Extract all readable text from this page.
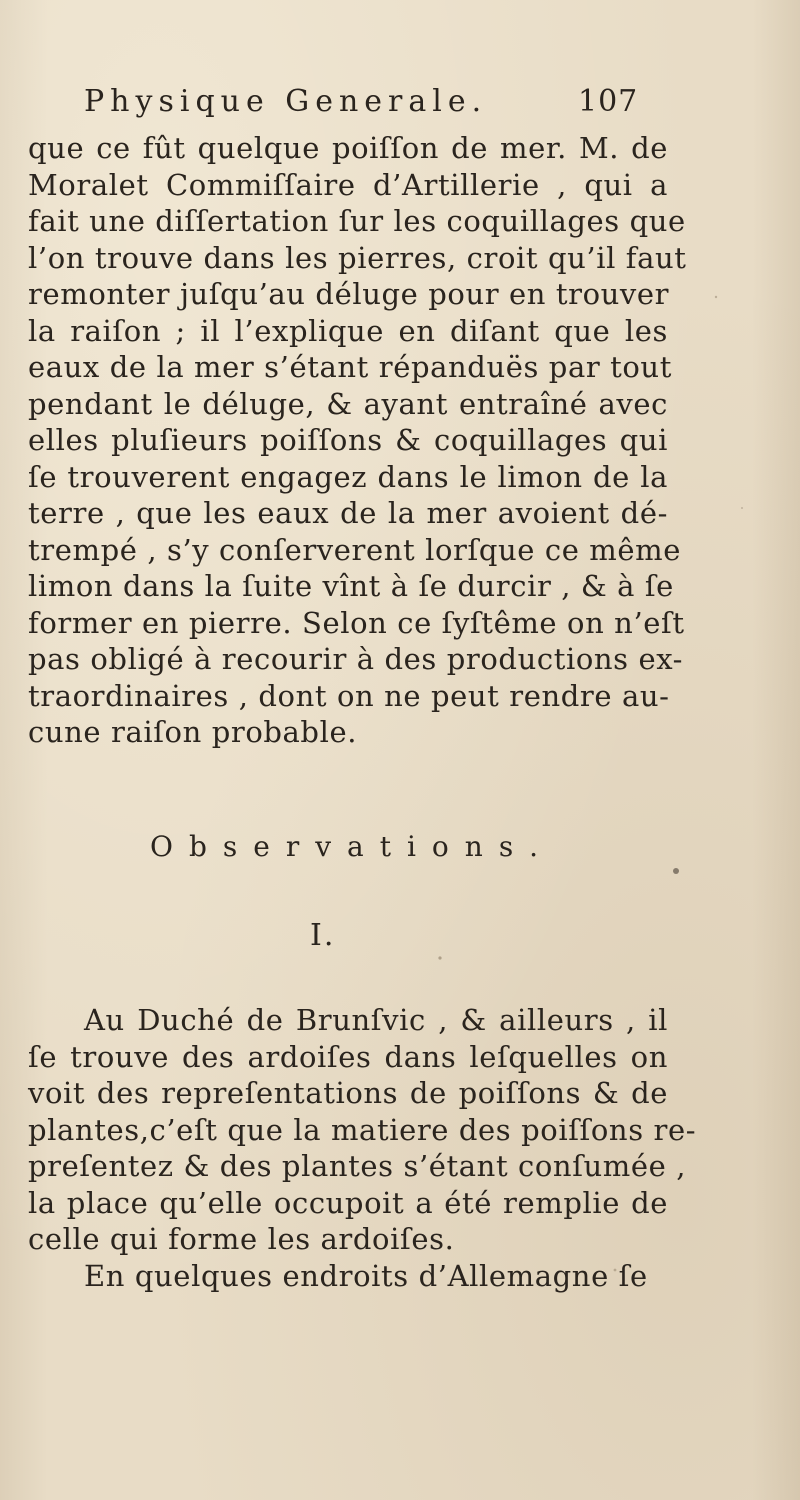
Physique Generale.	107
que ce fût quelque poiſſon de mer. M. de
Moralet Commiſſaire d’Artillerie , qui a
fait une diſſertation ſur les coquillages que
l’on trouve dans les pierres, croit qu’il faut
remonter juſqu’au déluge pour en trouver
la raiſon ; il l’explique en diſant que les
eaux de la mer s’étant répanduës par tout
pendant le déluge, & ayant entraîné avec
elles pluſieurs poiſſons & coquillages qui
ſe trouverent engagez dans le limon de la
terre , que les eaux de la mer avoient dé-
trempé , s’y conſerverent lorſque ce même
limon dans la ſuite vînt à ſe durcir , & à ſe
former en pierre. Selon ce ſyſtême on n’eſt
pas obligé à recourir à des productions ex-
traordinaires , dont on ne peut rendre au-
cune raiſon probable.
Observations.
I.
Au Duché de Brunſvic , & ailleurs , il
ſe trouve des ardoiſes dans leſquelles on
voit des repreſentations de poiſſons & de
plantes,c’eſt que la matiere des poiſſons re-
preſentez & des plantes s’étant conſumée ,
la place qu’elle occupoit a été remplie de
celle qui forme les ardoiſes.
En quelques endroits d’Allemagne ſe
